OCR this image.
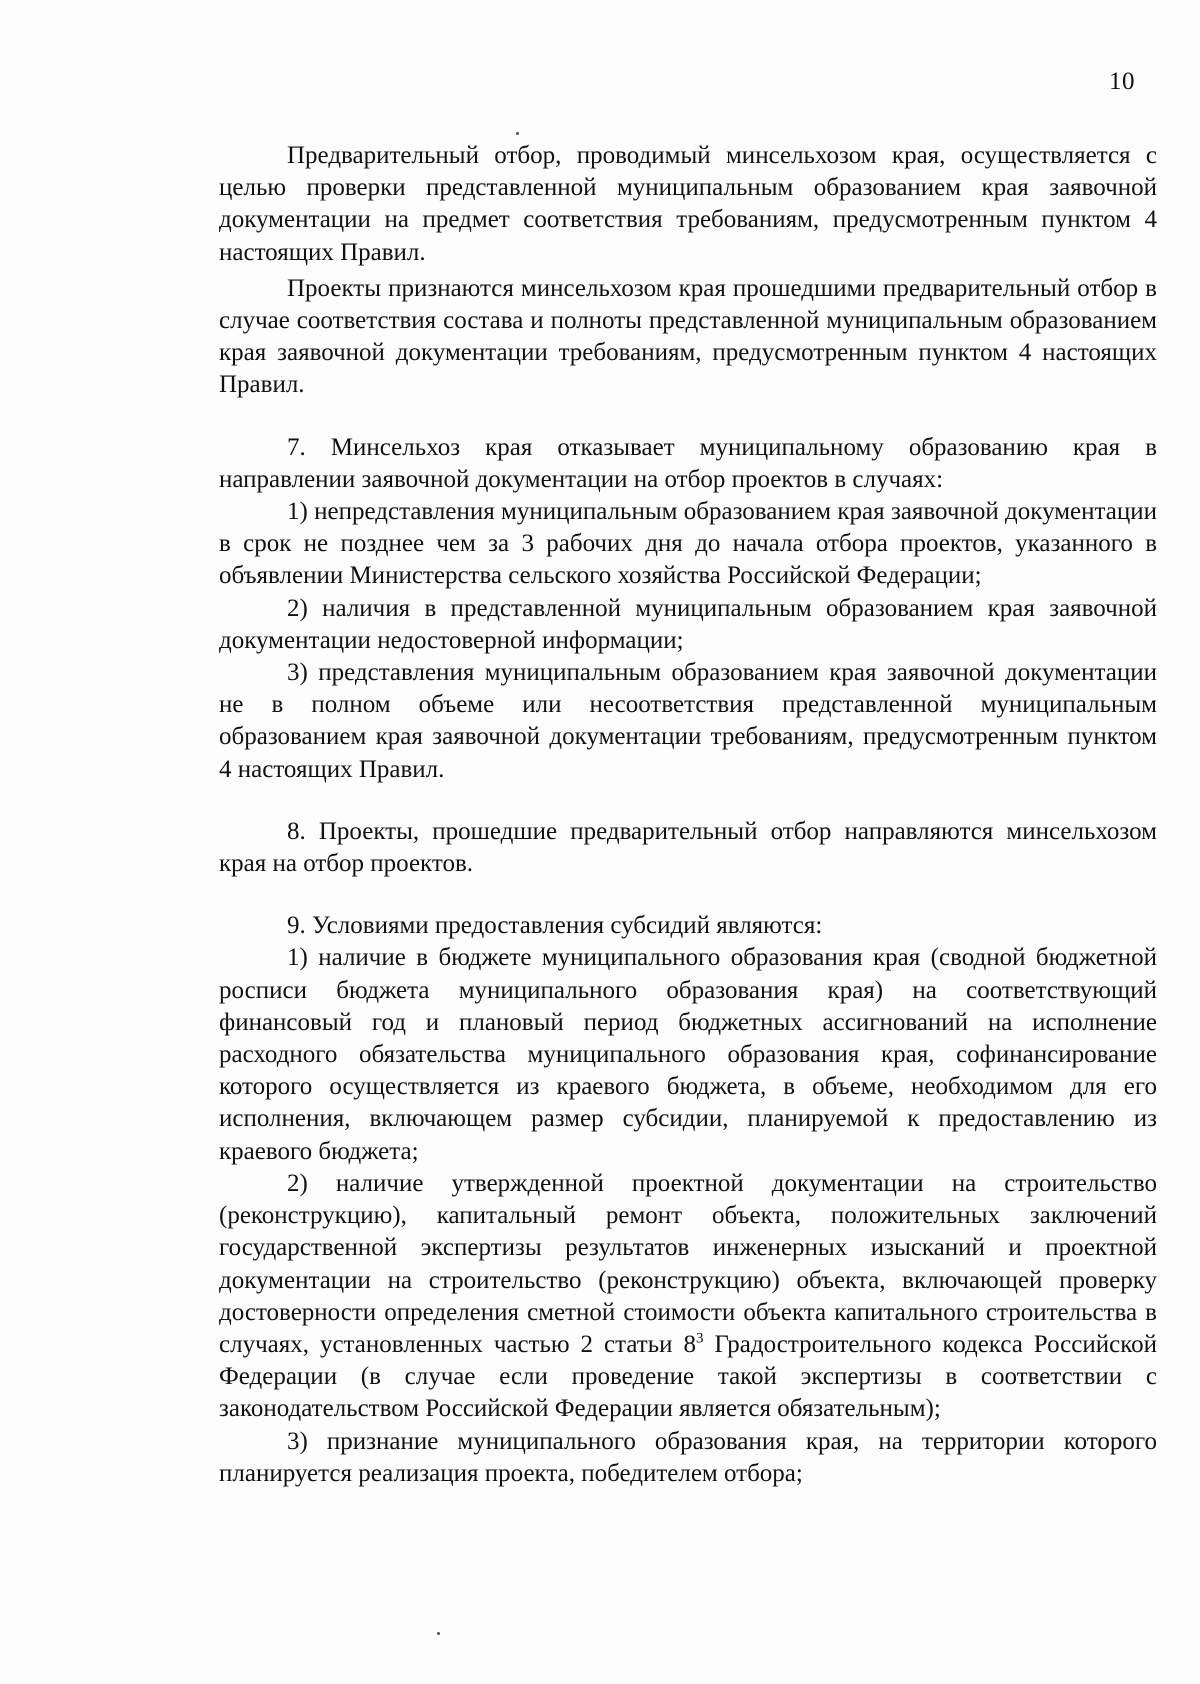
10

Предварительный отбор, проводимый минсельхозом края, осуществляется с целью проверки представленной муниципальным образованием края заявочной документации на предмет соответствия требованиям, предусмотренным пунктом 4 настоящих Правил.

Проекты признаются минсельхозом края прошедшими предварительный отбор в случае соответствия состава и полноты представленной муниципальным образованием края заявочной документации требованиям, предусмотренным пунктом 4 настоящих Правил.

7. Минсельхоз края отказывает муниципальному образованию края в направлении заявочной документации на отбор проектов в случаях:

1) непредставления муниципальным образованием края заявочной документации в срок не позднее чем за 3 рабочих дня до начала отбора проектов, указанного в объявлении Министерства сельского хозяйства Российской Федерации;

2) наличия в представленной муниципальным образованием края заявочной документации недостоверной информации;

3) представления муниципальным образованием края заявочной документации не в полном объеме или несоответствия представленной муниципальным образованием края заявочной документации требованиям, предусмотренным пунктом 4 настоящих Правил.

8. Проекты, прошедшие предварительный отбор направляются минсельхозом края на отбор проектов.

9. Условиями предоставления субсидий являются:

1) наличие в бюджете муниципального образования края (сводной бюджетной росписи бюджета муниципального образования края) на соответствующий финансовый год и плановый период бюджетных ассигнований на исполнение расходного обязательства муниципального образования края, софинансирование которого осуществляется из краевого бюджета, в объеме, необходимом для его исполнения, включающем размер субсидии, планируемой к предоставлению из краевого бюджета;

2) наличие утвержденной проектной документации на строительство (реконструкцию), капитальный ремонт объекта, положительных заключений государственной экспертизы результатов инженерных изысканий и проектной документации на строительство (реконструкцию) объекта, включающей проверку достоверности определения сметной стоимости объекта капитального строительства в случаях, установленных частью 2 статьи $8^3$ Градостроительного кодекса Российской Федерации (в случае если проведение такой экспертизы в соответствии с законодательством Российской Федерации является обязательным);

3) признание муниципального образования края, на территории которого планируется реализация проекта, победителем отбора;
